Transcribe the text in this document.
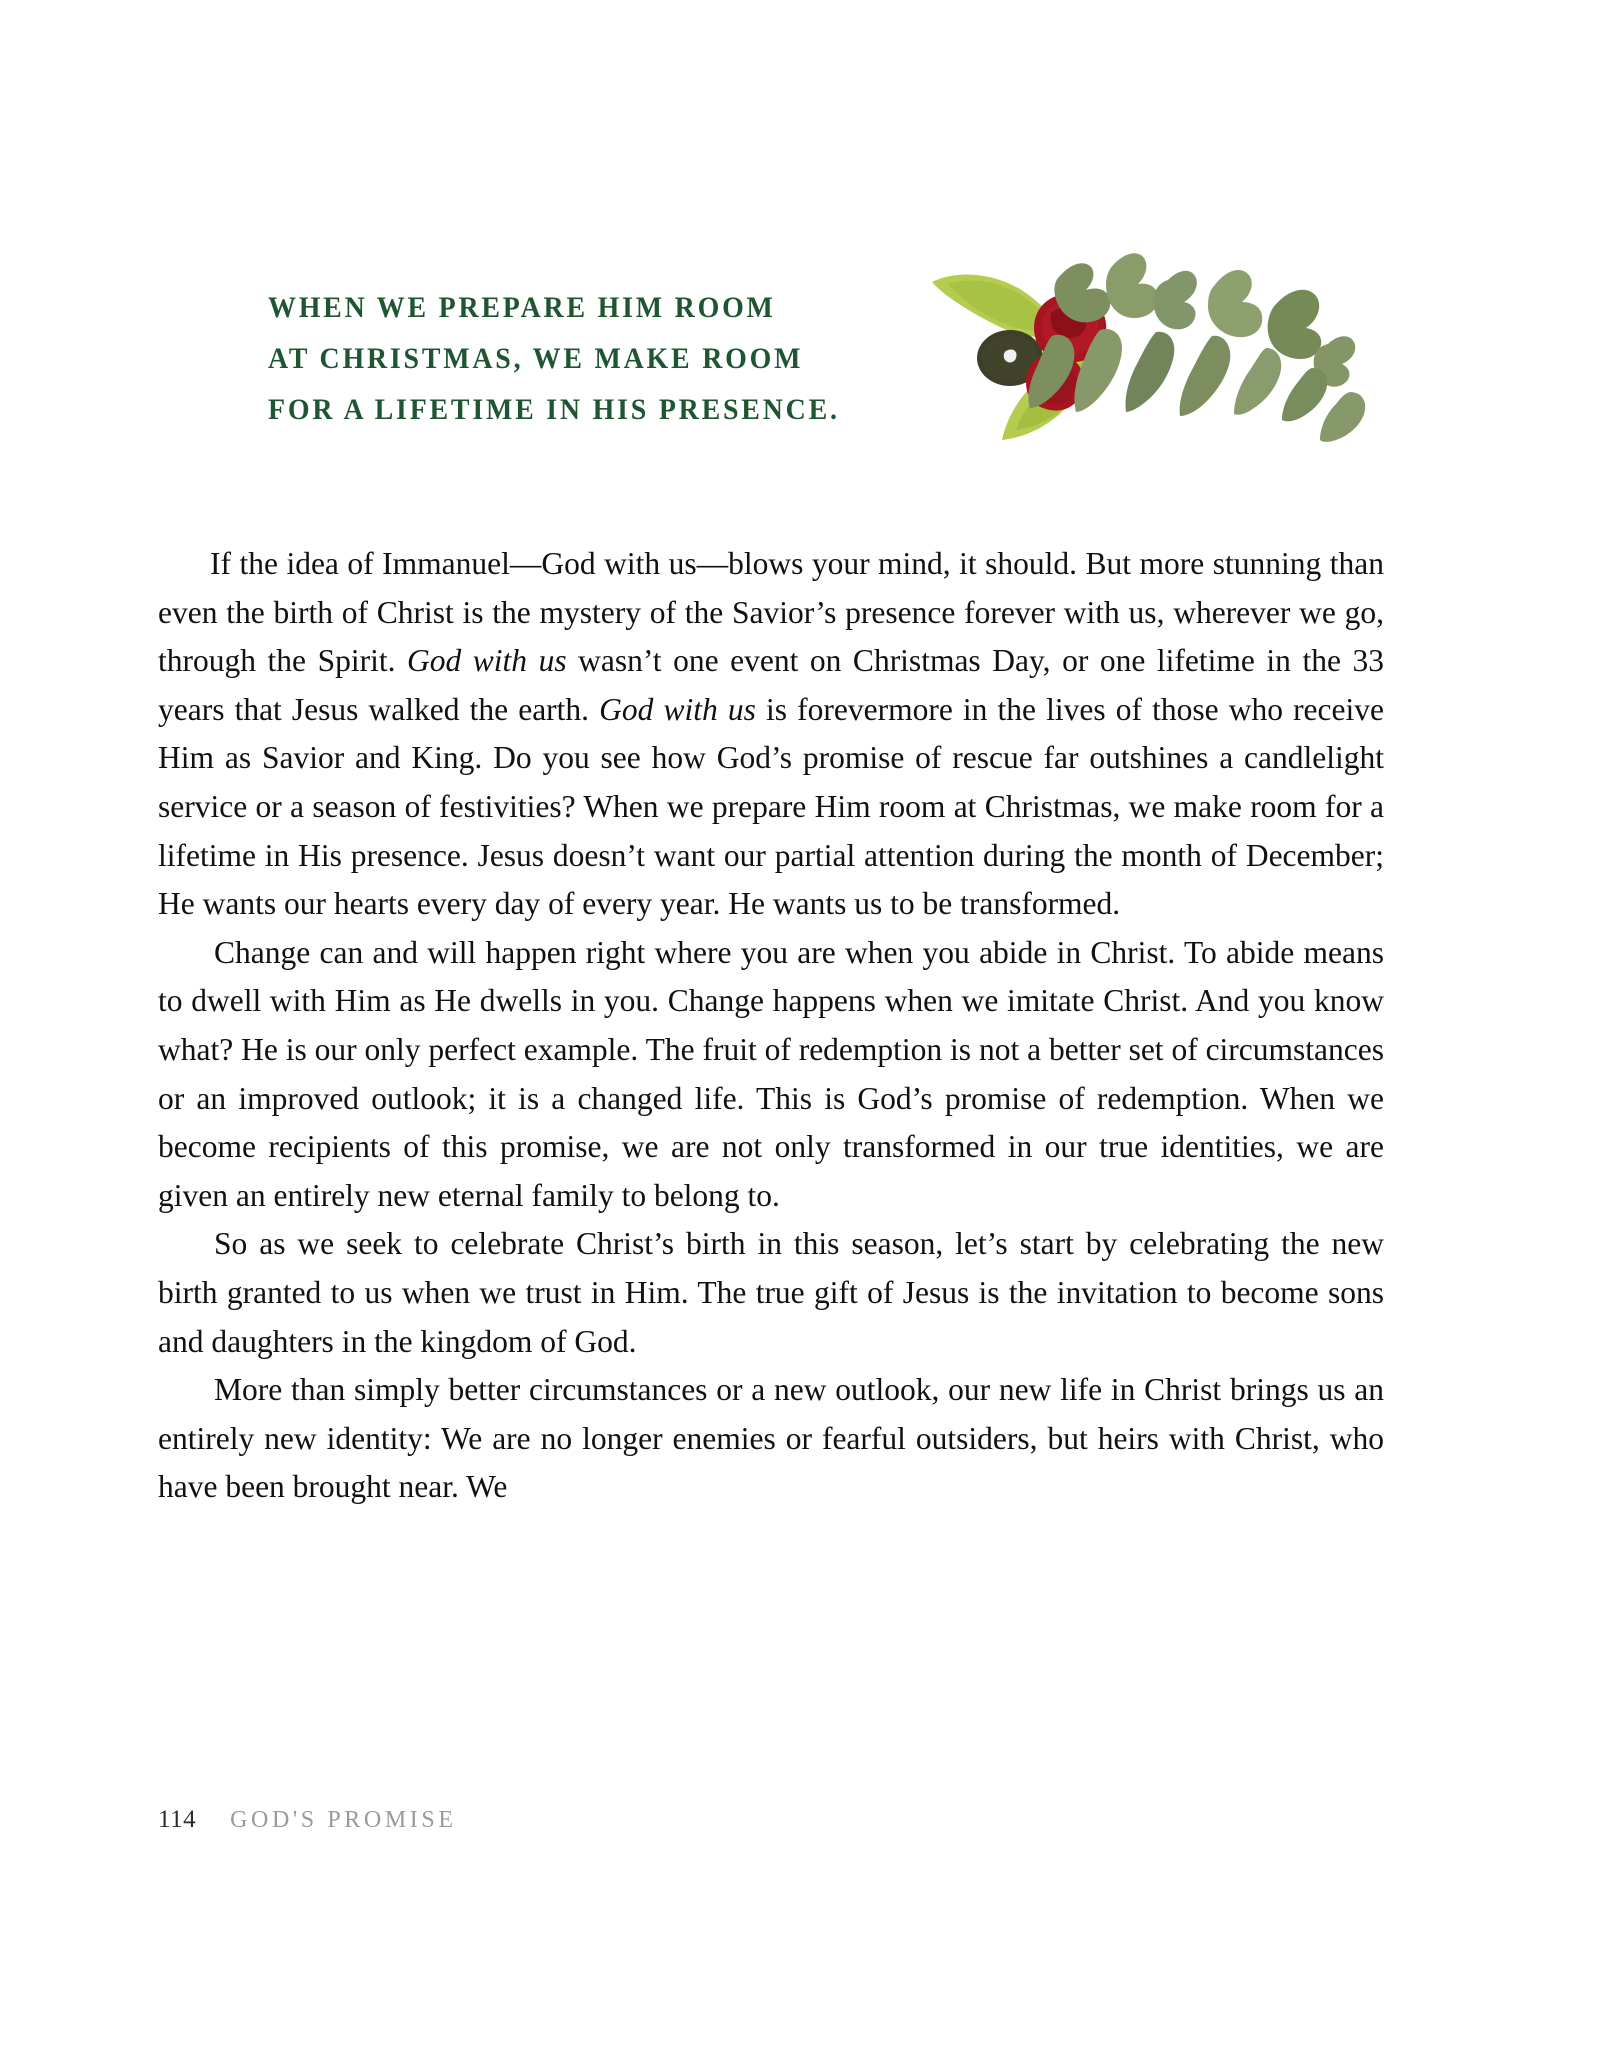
WHEN WE PREPARE HIM ROOM
AT CHRISTMAS, WE MAKE ROOM
FOR A LIFETIME IN HIS PRESENCE.

If the idea of Immanuel—God with us—blows your mind, it should. But more stunning than even the birth of Christ is the mystery of the Savior’s presence forever with us, wherever we go, through the Spirit. God with us wasn’t one event on Christmas Day, or one lifetime in the 33 years that Jesus walked the earth. God with us is forevermore in the lives of those who receive Him as Savior and King. Do you see how God’s promise of rescue far outshines a candlelight service or a season of festivities? When we prepare Him room at Christmas, we make room for a lifetime in His presence. Jesus doesn’t want our partial attention during the month of December; He wants our hearts every day of every year. He wants us to be transformed.

Change can and will happen right where you are when you abide in Christ. To abide means to dwell with Him as He dwells in you. Change happens when we imitate Christ. And you know what? He is our only perfect example. The fruit of redemption is not a better set of circumstances or an improved outlook; it is a changed life. This is God’s promise of redemption. When we become recipients of this promise, we are not only transformed in our true identities, we are given an entirely new eternal family to belong to.

So as we seek to celebrate Christ’s birth in this season, let’s start by celebrating the new birth granted to us when we trust in Him. The true gift of Jesus is the invitation to become sons and daughters in the kingdom of God.

More than simply better circumstances or a new outlook, our new life in Christ brings us an entirely new identity: We are no longer enemies or fearful outsiders, but heirs with Christ, who have been brought near. We

114 GOD'S PROMISE
